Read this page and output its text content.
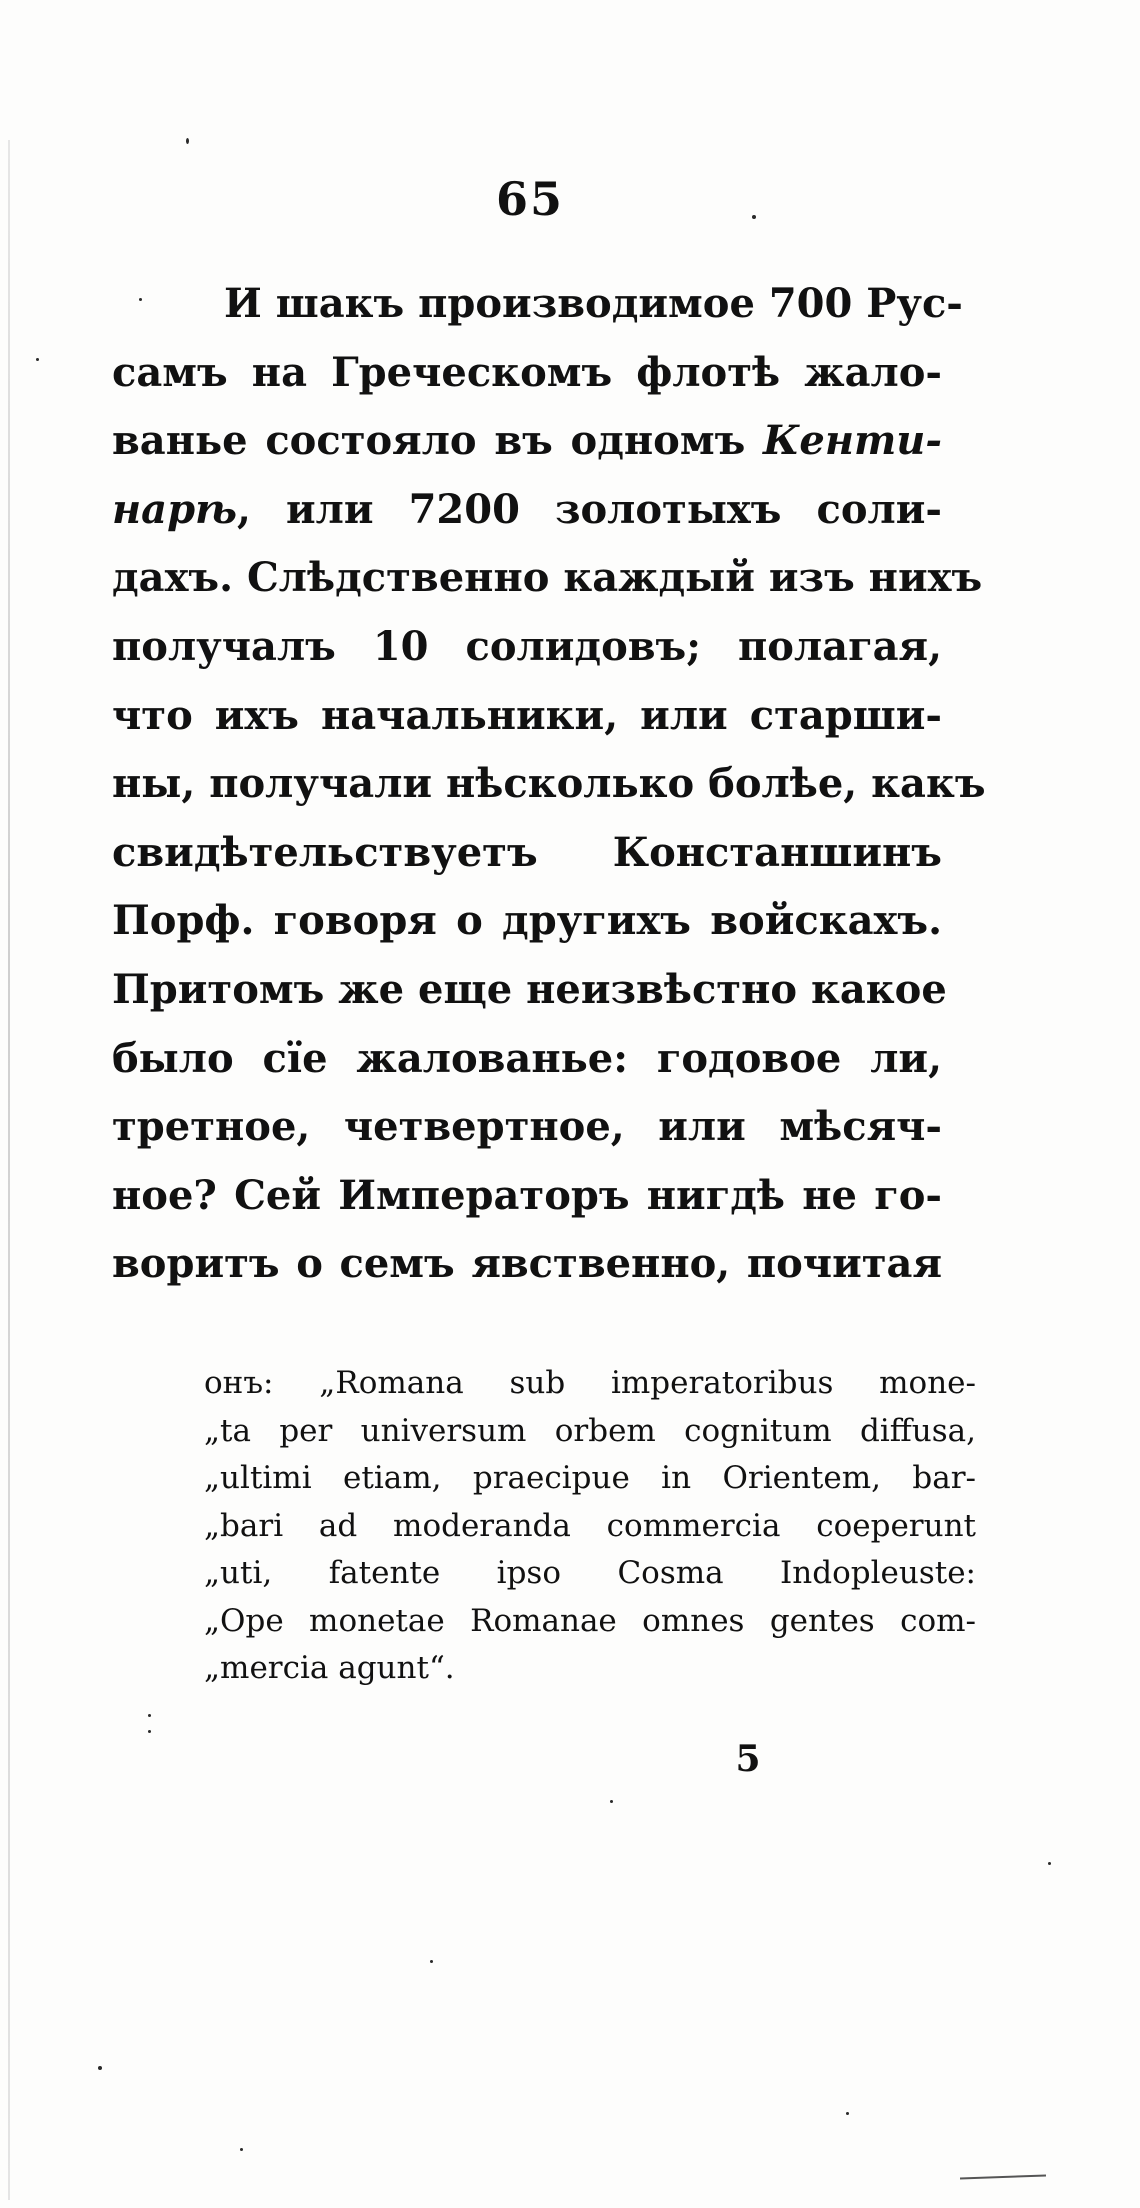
65
И шакъ производимое 700 Рус-
самъ на Греческомъ флотѣ жало-
ванье состояло въ одномъ Кенти-
нарѣ, или 7200 золотыхъ соли-
дахъ. Слѣдственно каждый изъ нихъ
получалъ 10 солидовъ; полагая,
что ихъ начальники, или старши-
ны, получали нѣсколько болѣе, какъ
свидѣтельствуетъ Констаншинъ
Порф. говоря о другихъ войскахъ.
Притомъ же еще неизвѣстно какое
было сїе жалованье: годовое ли,
третное, четвертное, или мѣсяч-
ное? Сей Императоръ нигдѣ не го-
воритъ о семъ явственно, почитая
онъ: „Romana sub imperatoribus mone-
„ta per universum orbem cognitum diffusa,
„ultimi etiam, praecipue in Orientem, bar-
„bari ad moderanda commercia coeperunt
„uti, fatente ipso Cosma Indopleuste:
„Ope monetae Romanae omnes gentes com-
„mercia agunt“.
5
